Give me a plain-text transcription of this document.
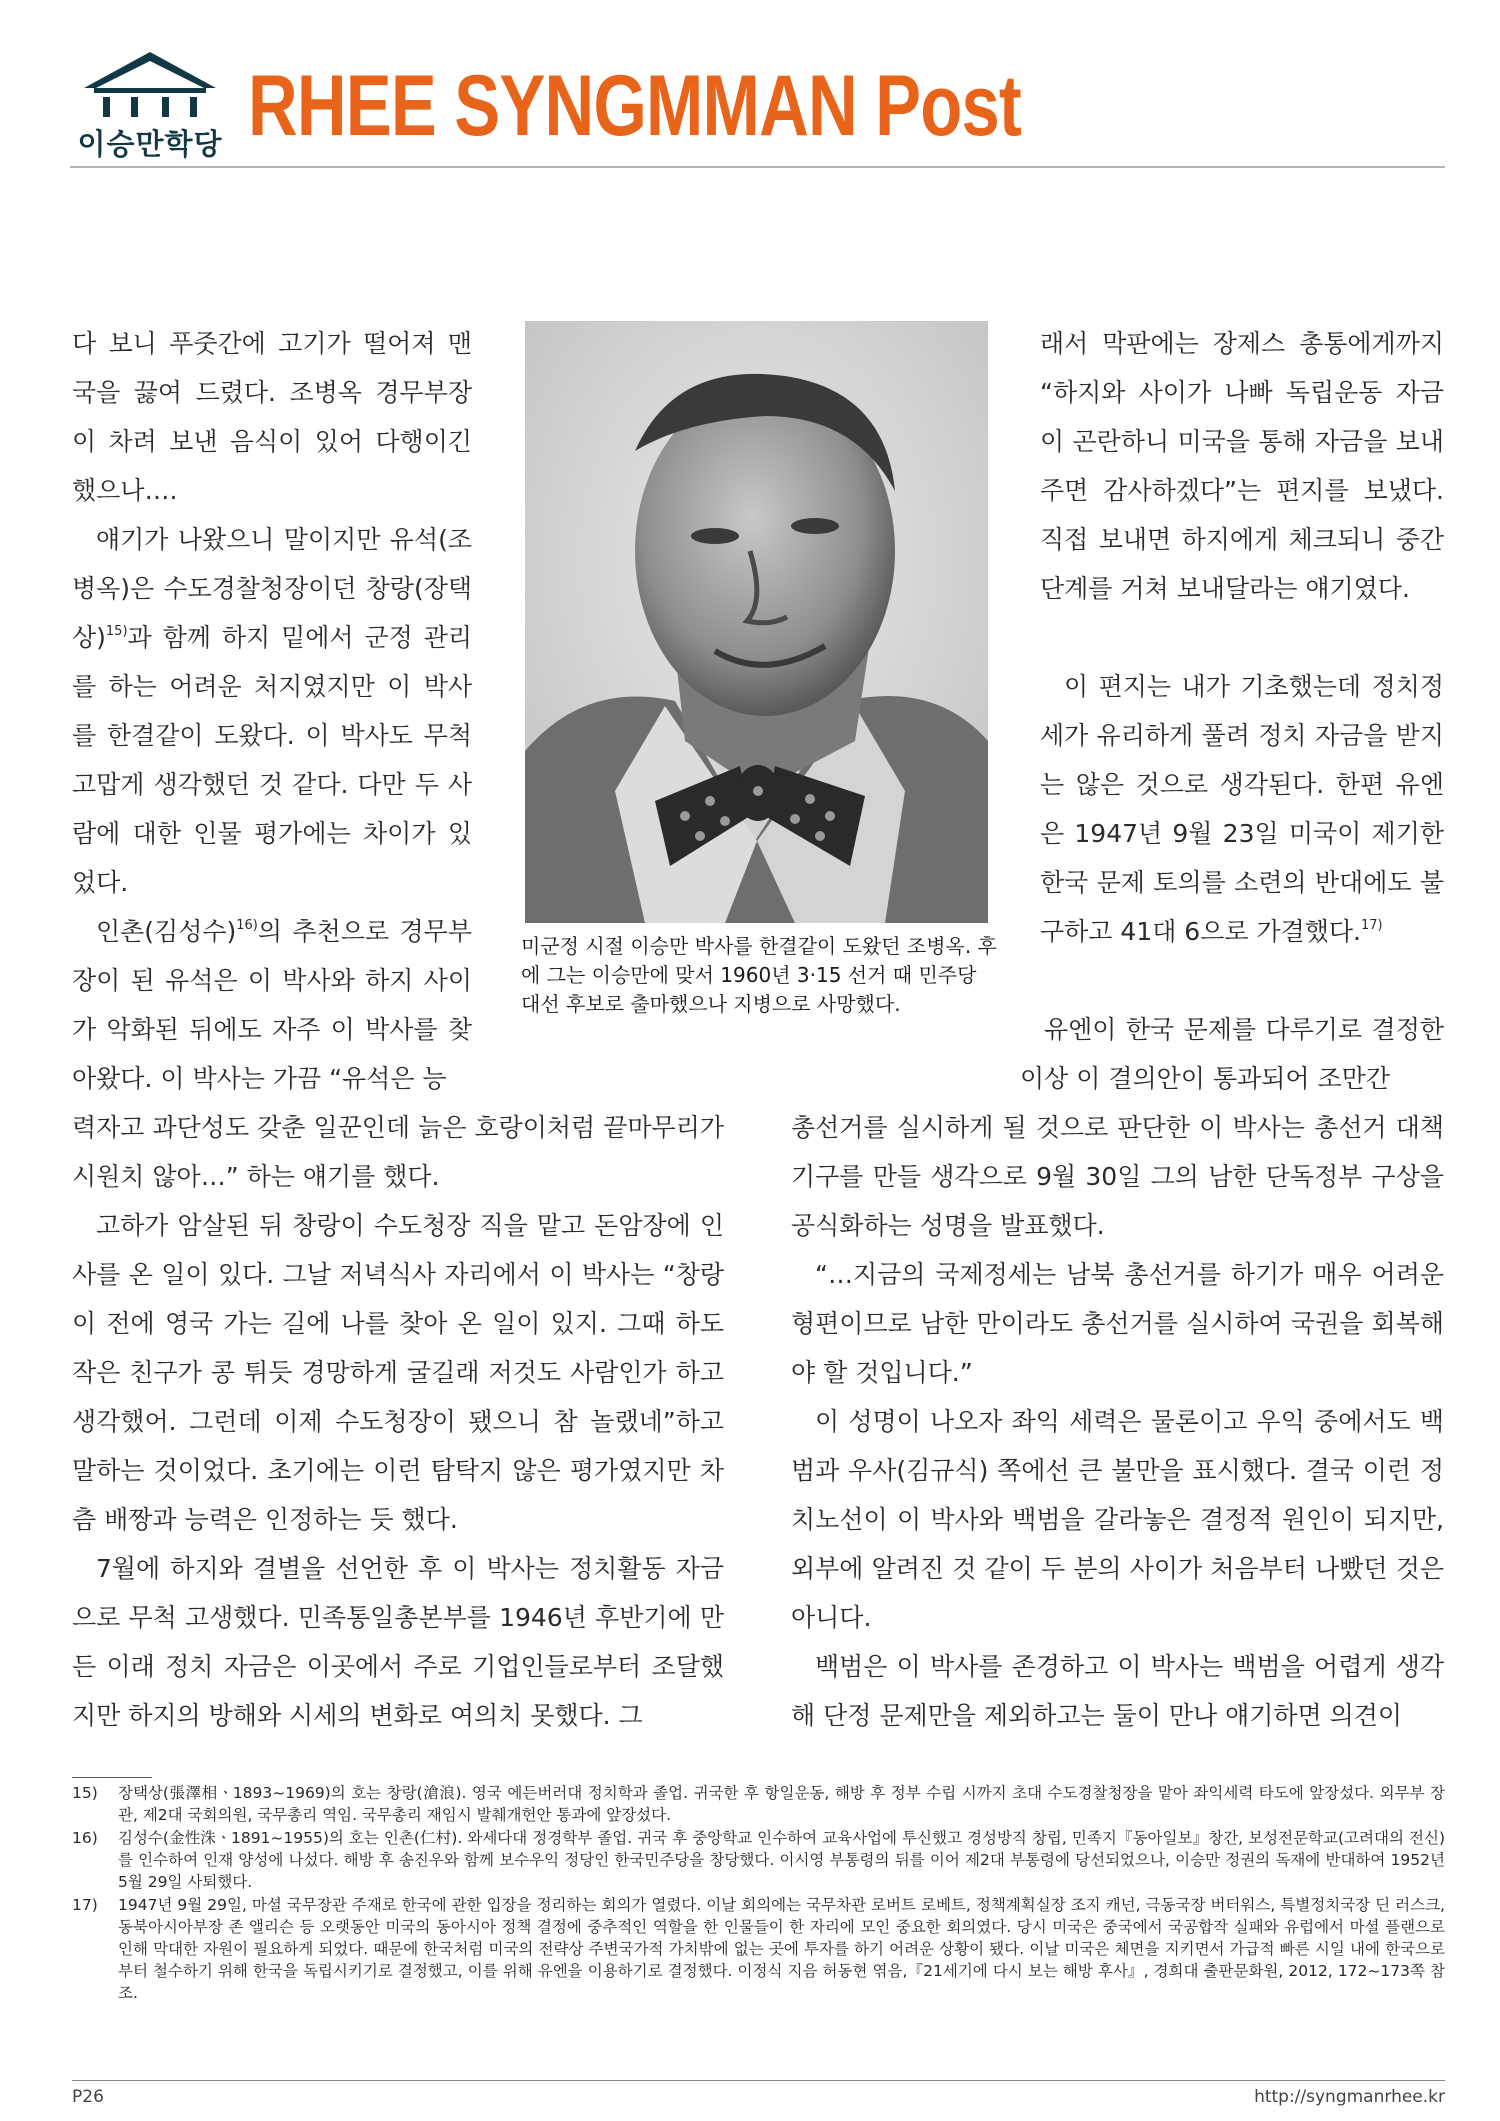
이승만학당 RHEE SYNGMMAN Post

다 보니 푸줏간에 고기가 떨어져 맨 국을 끓여 드렸다. 조병옥 경무부장이 차려 보낸 음식이 있어 다행이긴 했으나….

얘기가 나왔으니 말이지만 유석(조병옥)은 수도경찰청장이던 창랑(장택상)$^{15)}$과 함께 하지 밑에서 군정 관리를 하는 어려운 처지였지만 이 박사를 한결같이 도왔다. 이 박사도 무척 고맙게 생각했던 것 같다. 다만 두 사람에 대한 인물 평가에는 차이가 있었다.

인촌(김성수)$^{16)}$의 추천으로 경무부장이 된 유석은 이 박사와 하지 사이가 악화된 뒤에도 자주 이 박사를 찾아왔다. 이 박사는 가끔 “유석은 능

력자고 과단성도 갖춘 일꾼인데 늙은 호랑이처럼 끝마무리가 시원치 않아…” 하는 얘기를 했다.

고하가 암살된 뒤 창랑이 수도청장 직을 맡고 돈암장에 인사를 온 일이 있다. 그날 저녁식사 자리에서 이 박사는 “창랑이 전에 영국 가는 길에 나를 찾아 온 일이 있지. 그때 하도 작은 친구가 콩 튀듯 경망하게 굴길래 저것도 사람인가 하고 생각했어. 그런데 이제 수도청장이 됐으니 참 놀랬네”하고 말하는 것이었다. 초기에는 이런 탐탁지 않은 평가였지만 차츰 배짱과 능력은 인정하는 듯 했다.

7월에 하지와 결별을 선언한 후 이 박사는 정치활동 자금으로 무척 고생했다. 민족통일총본부를 1946년 후반기에 만든 이래 정치 자금은 이곳에서 주로 기업인들로부터 조달했지만 하지의 방해와 시세의 변화로 여의치 못했다. 그

미군정 시절 이승만 박사를 한결같이 도왔던 조병옥. 후에 그는 이승만에 맞서 1960년 3·15 선거 때 민주당 대선 후보로 출마했으나 지병으로 사망했다.

래서 막판에는 장제스 총통에게까지 “하지와 사이가 나빠 독립운동 자금이 곤란하니 미국을 통해 자금을 보내 주면 감사하겠다”는 편지를 보냈다. 직접 보내면 하지에게 체크되니 중간 단계를 거쳐 보내달라는 얘기였다.

이 편지는 내가 기초했는데 정치정세가 유리하게 풀려 정치 자금을 받지는 않은 것으로 생각된다. 한편 유엔은 1947년 9월 23일 미국이 제기한 한국 문제 토의를 소련의 반대에도 불구하고 41대 6으로 가결했다.$^{17)}$

유엔이 한국 문제를 다루기로 결정한 이상 이 결의안이 통과되어 조만간

총선거를 실시하게 될 것으로 판단한 이 박사는 총선거 대책기구를 만들 생각으로 9월 30일 그의 남한 단독정부 구상을 공식화하는 성명을 발표했다.

“…지금의 국제정세는 남북 총선거를 하기가 매우 어려운 형편이므로 남한 만이라도 총선거를 실시하여 국권을 회복해야 할 것입니다.”

이 성명이 나오자 좌익 세력은 물론이고 우익 중에서도 백범과 우사(김규식) 쪽에선 큰 불만을 표시했다. 결국 이런 정치노선이 이 박사와 백범을 갈라놓은 결정적 원인이 되지만, 외부에 알려진 것 같이 두 분의 사이가 처음부터 나빴던 것은 아니다.

백범은 이 박사를 존경하고 이 박사는 백범을 어렵게 생각해 단정 문제만을 제외하고는 둘이 만나 얘기하면 의견이

15) 장택상(張澤相ㆍ1893~1969)의 호는 창랑(滄浪). 영국 에든버러대 정치학과 졸업. 귀국한 후 항일운동, 해방 후 정부 수립 시까지 초대 수도경찰청장을 맡아 좌익세력 타도에 앞장섰다. 외무부 장관, 제2대 국회의원, 국무총리 역임. 국무총리 재임시 발췌개헌안 통과에 앞장섰다.

16) 김성수(金性洙ㆍ1891~1955)의 호는 인촌(仁村). 와세다대 정경학부 졸업. 귀국 후 중앙학교 인수하여 교육사업에 투신했고 경성방직 창립, 민족지『동아일보』창간, 보성전문학교(고려대의 전신)를 인수하여 인재 양성에 나섰다. 해방 후 송진우와 함께 보수우익 정당인 한국민주당을 창당했다. 이시영 부통령의 뒤를 이어 제2대 부통령에 당선되었으나, 이승만 정권의 독재에 반대하여 1952년 5월 29일 사퇴했다.

17) 1947년 9월 29일, 마셜 국무장관 주재로 한국에 관한 입장을 정리하는 회의가 열렸다. 이날 회의에는 국무차관 로버트 로베트, 정책계획실장 조지 캐넌, 극동국장 버터워스, 특별정치국장 딘 러스크, 동북아시아부장 존 앨리슨 등 오랫동안 미국의 동아시아 정책 결정에 중추적인 역할을 한 인물들이 한 자리에 모인 중요한 회의였다. 당시 미국은 중국에서 국공합작 실패와 유럽에서 마셜 플랜으로 인해 막대한 자원이 필요하게 되었다. 때문에 한국처럼 미국의 전략상 주변국가적 가치밖에 없는 곳에 투자를 하기 어려운 상황이 됐다. 이날 미국은 체면을 지키면서 가급적 빠른 시일 내에 한국으로부터 철수하기 위해 한국을 독립시키기로 결정했고, 이를 위해 유엔을 이용하기로 결정했다. 이정식 지음 허동현 엮음,『21세기에 다시 보는 해방 후사』, 경희대 출판문화원, 2012, 172~173쪽 참조.

P26	http://syngmanrhee.kr
